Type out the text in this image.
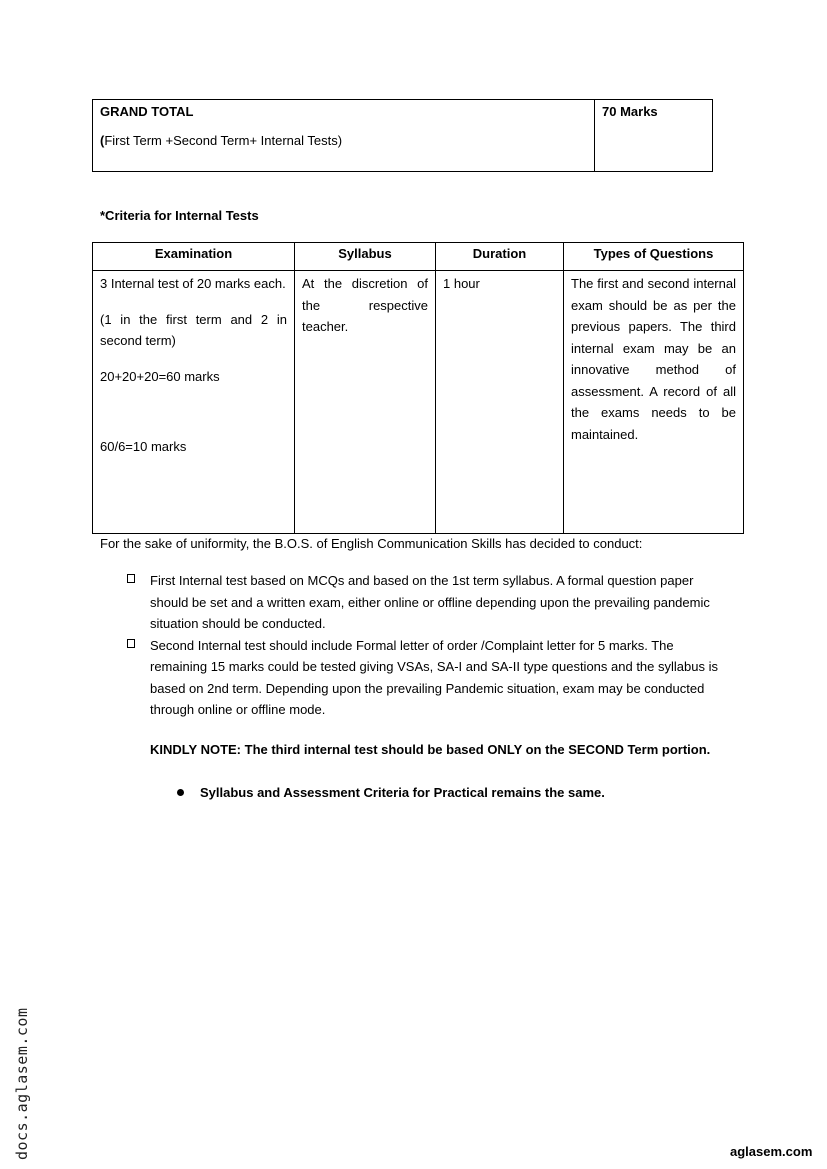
GRAND TOTAL
(First Term +Second Term+ Internal Tests)
	70 Marks
*Criteria for Internal Tests
Examination	Syllabus	Duration	Types of Questions

3 Internal test of 20 marks each.

(1 in the first term and 2 in second term)

20+20+20=60 marks

60/6=10 marks	At the discretion of the respective teacher.	1 hour	The first and second internal exam should be as per the previous papers. The third internal exam may be an innovative method of assessment. A record of all the exams needs to be maintained.
For the sake of uniformity, the B.O.S. of English Communication Skills has decided to conduct:
First Internal test based on MCQs and based on the 1st term syllabus. A formal question paper should be set and a written exam, either online or offline depending upon the prevailing pandemic situation should be conducted.
Second Internal test should include Formal letter of order /Complaint letter for 5 marks. The remaining 15 marks could be tested giving VSAs, SA-I and SA-II type questions and the syllabus is based on 2nd term. Depending upon the prevailing Pandemic situation, exam may be conducted through online or offline mode.
KINDLY NOTE: The third internal test should be based ONLY on the SECOND Term portion.
Syllabus and Assessment Criteria for Practical remains the same.
docs.aglasem.com	aglasem.com
